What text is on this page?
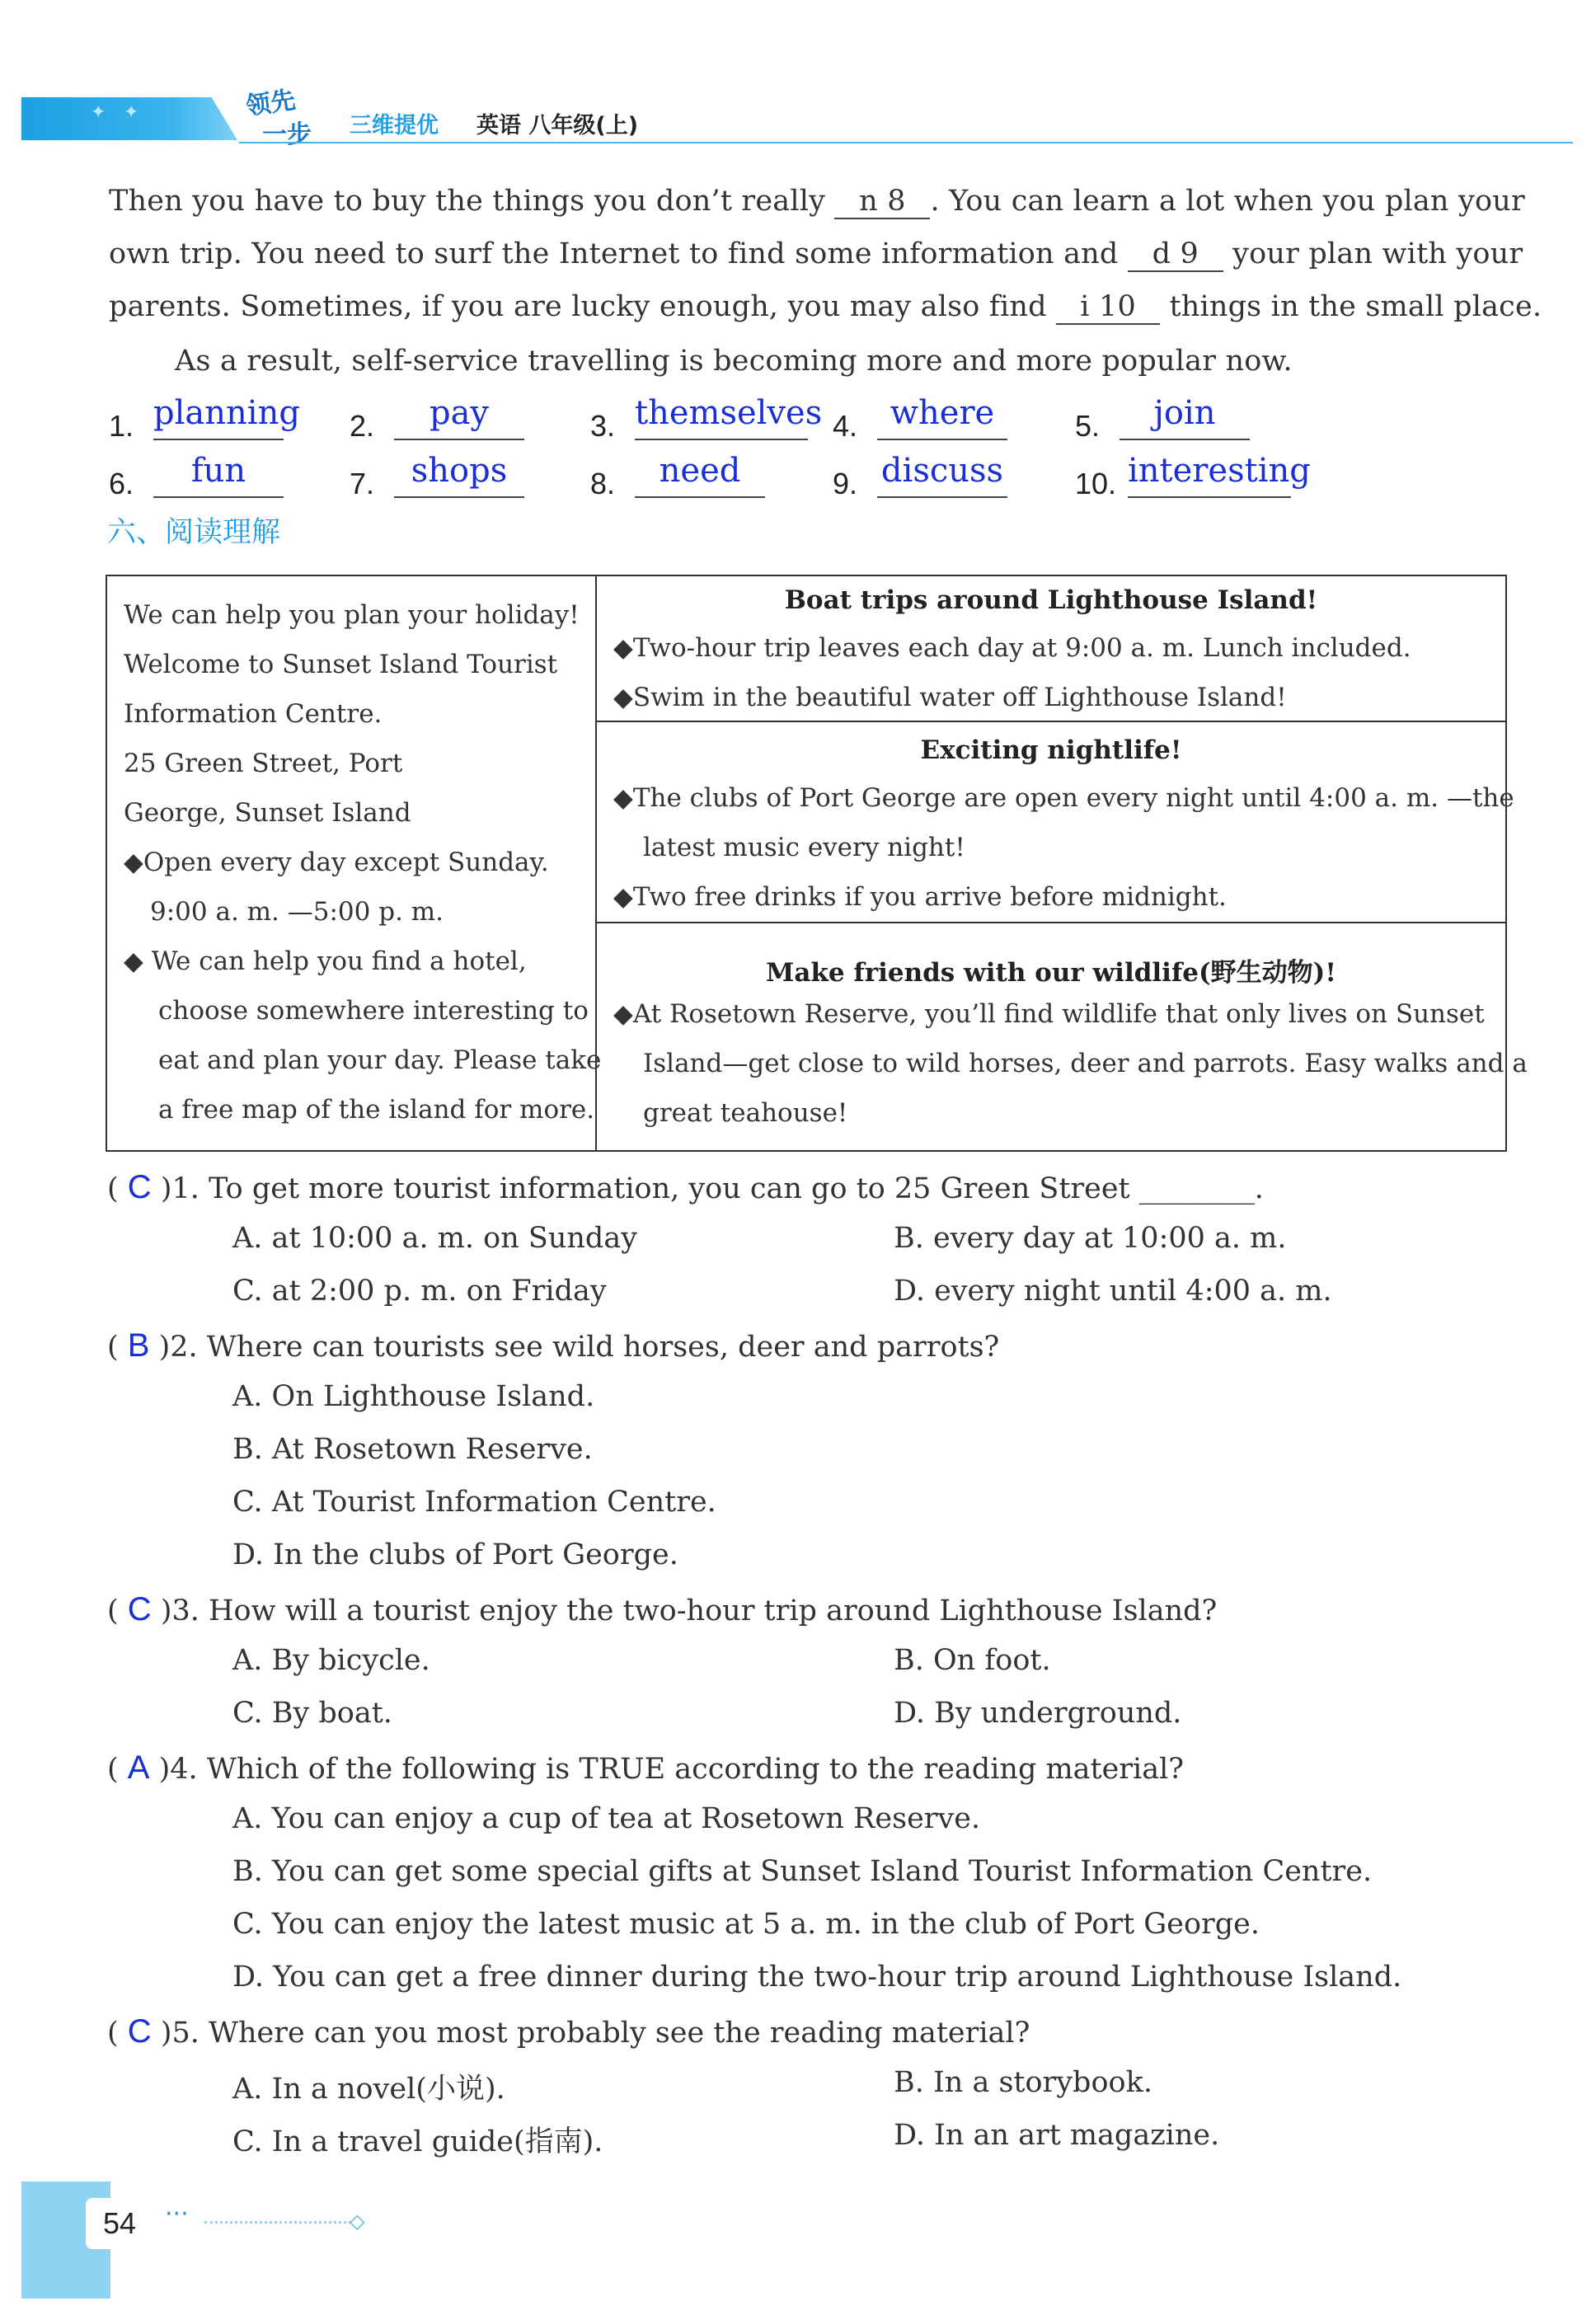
✦ ✦	领先
一步 三维提优 英语 八年级(上)
Then you have to buy the things you don’t really n 8 . You can learn a lot when you plan your
own trip. You need to surf the Internet to find some information and d 9 your plan with your
parents. Sometimes, if you are lucky enough, you may also find i 10 things in the small place.
As a result, self-service travelling is becoming more and more popular now.
1. planning 2.	pay	3. themselves 4. where	5.	join
6.	fun	7.	shops	8.	need	9. discuss 10. interesting
六、阅读理解
We can help you plan your holiday!
Welcome to Sunset Island Tourist
Information Centre.
25 Green Street, Port
George, Sunset Island
◆Open every day except Sunday.
9:00 a. m. —5:00 p. m.
◆ We can help you find a hotel,
choose somewhere interesting to
eat and plan your day. Please take
a free map of the island for more.
Boat trips around Lighthouse Island!
◆Two-hour trip leaves each day at 9:00 a. m. Lunch included.
◆Swim in the beautiful water off Lighthouse Island!
Exciting nightlife!
◆The clubs of Port George are open every night until 4:00 a. m. —the
latest music every night!
◆Two free drinks if you arrive before midnight.
Make friends with our wildlife(野生动物)!
◆At Rosetown Reserve, you’ll find wildlife that only lives on Sunset
Island—get close to wild horses, deer and parrots. Easy walks and a
great teahouse!
( C )1. To get more tourist information, you can go to 25 Green Street ________.
A. at 10:00 a. m. on Sunday	B. every day at 10:00 a. m.
C. at 2:00 p. m. on Friday	D. every night until 4:00 a. m.
( B )2. Where can tourists see wild horses, deer and parrots?
A. On Lighthouse Island.
B. At Rosetown Reserve.
C. At Tourist Information Centre.
D. In the clubs of Port George.
( C )3. How will a tourist enjoy the two-hour trip around Lighthouse Island?
A. By bicycle.	B. On foot.
C. By boat.	D. By underground.
( A )4. Which of the following is TRUE according to the reading material?
A. You can enjoy a cup of tea at Rosetown Reserve.
B. You can get some special gifts at Sunset Island Tourist Information Centre.
C. You can enjoy the latest music at 5 a. m. in the club of Port George.
D. You can get a free dinner during the two-hour trip around Lighthouse Island.
( C )5. Where can you most probably see the reading material?
A. In a novel(小说).	B. In a storybook.
C. In a travel guide(指南).	D. In an art magazine.
54	···	◇
